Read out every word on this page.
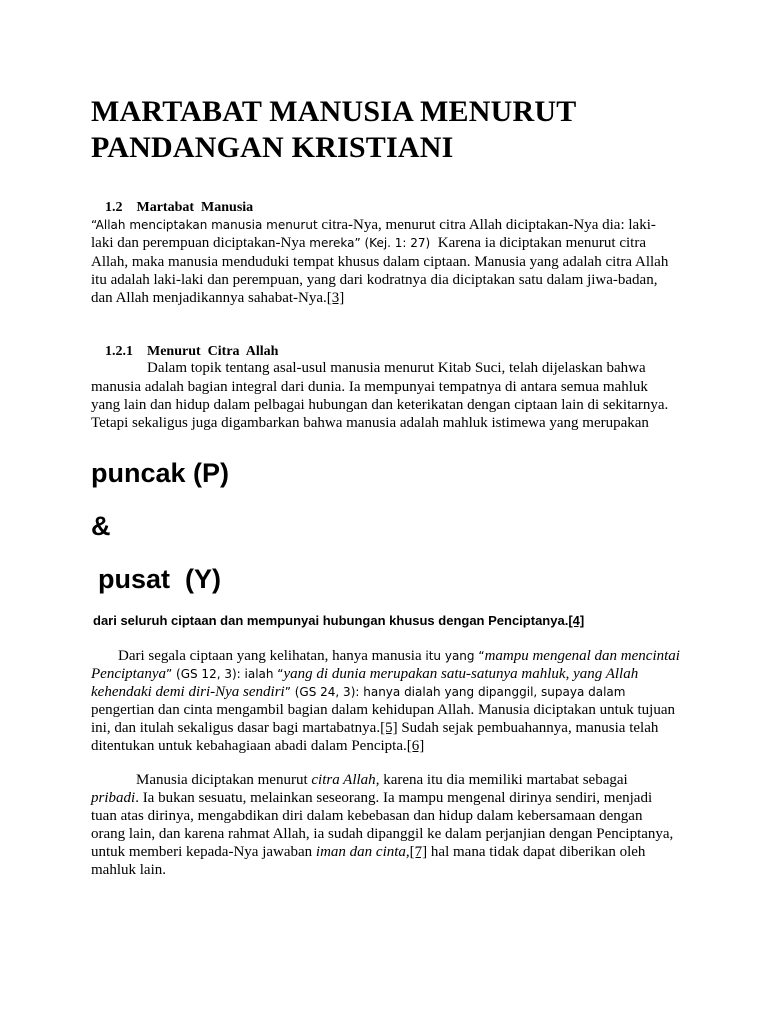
MARTABAT MANUSIA MENURUT
PANDANGAN KRISTIANI

1.2 Martabat  Manusia

“Allah menciptakan manusia menurut citra-Nya, menurut citra Allah diciptakan-Nya dia: laki-
laki dan perempuan diciptakan-Nya mereka” (Kej. 1: 27)  Karena ia diciptakan menurut citra
Allah, maka manusia menduduki tempat khusus dalam ciptaan. Manusia yang adalah citra Allah
itu adalah laki-laki dan perempuan, yang dari kodratnya dia diciptakan satu dalam jiwa-badan,
dan Allah menjadikannya sahabat-Nya.[3]

1.2.1 Menurut  Citra  Allah

Dalam topik tentang asal-usul manusia menurut Kitab Suci, telah dijelaskan bahwa
manusia adalah bagian integral dari dunia. Ia mempunyai tempatnya di antara semua mahluk
yang lain dan hidup dalam pelbagai hubungan dan keterikatan dengan ciptaan lain di sekitarnya.
Tetapi sekaligus juga digambarkan bahwa manusia adalah mahluk istimewa yang merupakan
puncak (P)
&
pusat  (Y)
dari seluruh ciptaan dan mempunyai hubungan khusus dengan Penciptanya.[4]
Dari segala ciptaan yang kelihatan, hanya manusia itu yang “mampu mengenal dan mencintai
Penciptanya” (GS 12, 3): ialah “yang di dunia merupakan satu-satunya mahluk, yang Allah
kehendaki demi diri-Nya sendiri” (GS 24, 3): hanya dialah yang dipanggil, supaya dalam
pengertian dan cinta mengambil bagian dalam kehidupan Allah. Manusia diciptakan untuk tujuan
ini, dan itulah sekaligus dasar bagi martabatnya.[5] Sudah sejak pembuahannya, manusia telah
ditentukan untuk kebahagiaan abadi dalam Pencipta.[6]
Manusia diciptakan menurut citra Allah, karena itu dia memiliki martabat sebagai
pribadi. Ia bukan sesuatu, melainkan seseorang. Ia mampu mengenal dirinya sendiri, menjadi
tuan atas dirinya, mengabdikan diri dalam kebebasan dan hidup dalam kebersamaan dengan
orang lain, dan karena rahmat Allah, ia sudah dipanggil ke dalam perjanjian dengan Penciptanya,
untuk memberi kepada-Nya jawaban iman dan cinta,[7] hal mana tidak dapat diberikan oleh
mahluk lain.
